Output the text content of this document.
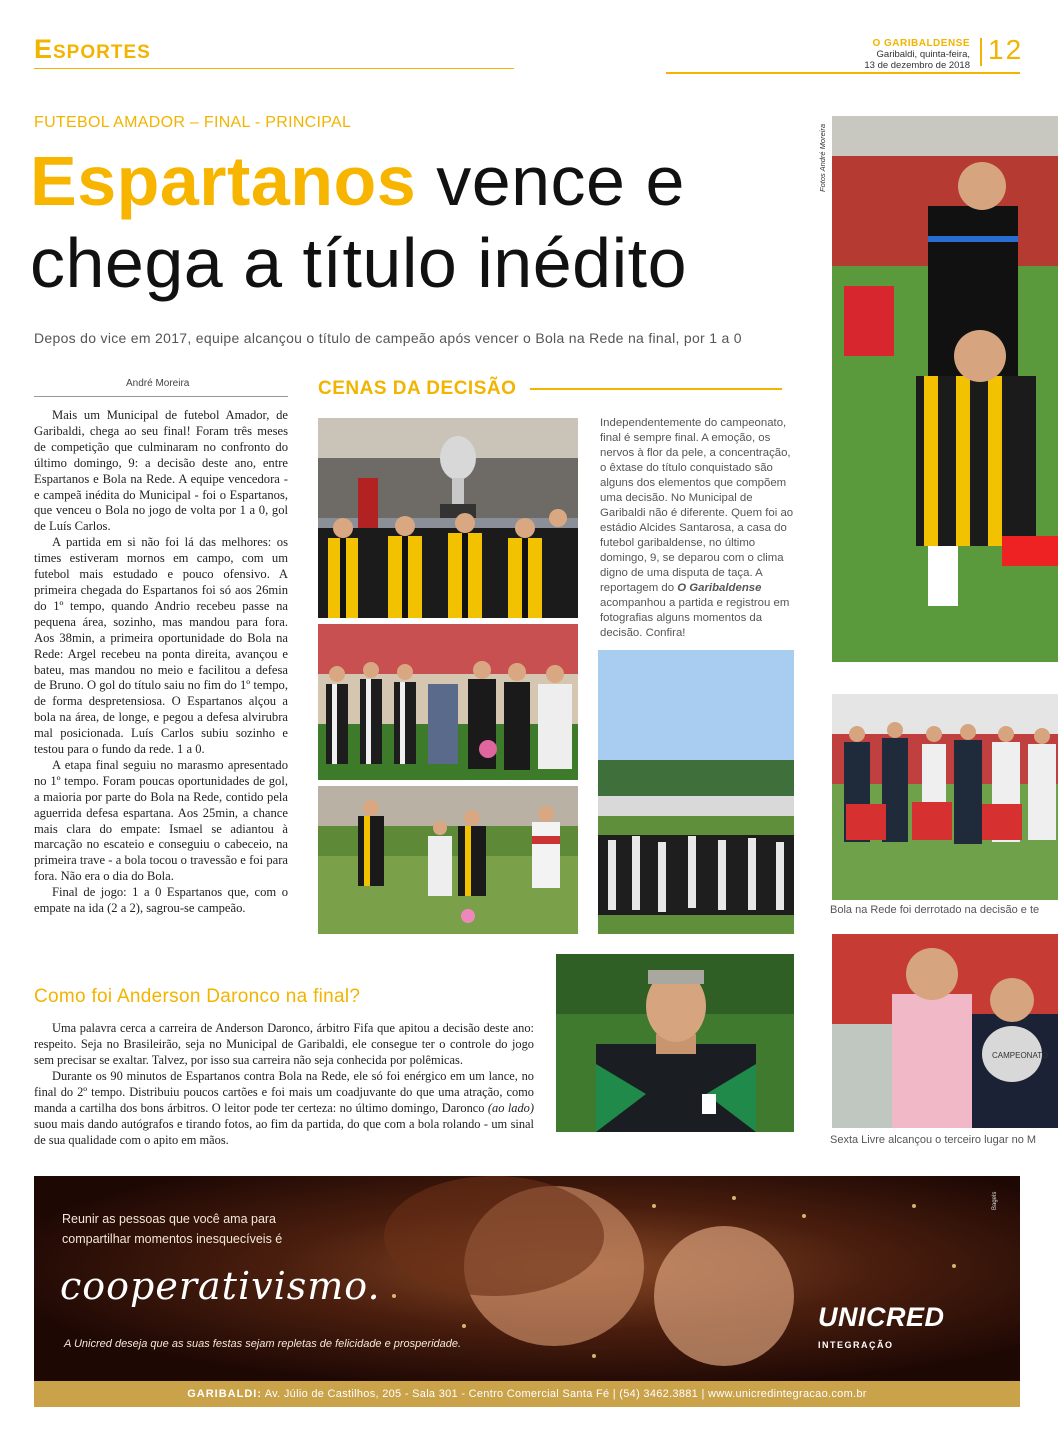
Esportes	O GARIBALDENSE
Garibaldi, quinta-feira,
13 de dezembro de 2018
12
FUTEBOL AMADOR – FINAL - PRINCIPAL
Espartanos vence e
chega a título inédito
Depos do vice em 2017, equipe alcançou o título de campeão após vencer o Bola na Rede na final, por 1 a 0
André Moreira

Mais um Municipal de futebol Amador, de Garibaldi, chega ao seu final! Foram três meses de competição que culminaram no confronto do último domingo, 9: a decisão deste ano, entre Espartanos e Bola na Rede. A equipe vencedora - e campeã inédita do Municipal - foi o Espartanos, que venceu o Bola no jogo de volta por 1 a 0, gol de Luís Carlos.

A partida em si não foi lá das melhores: os times estiveram mornos em campo, com um futebol mais estudado e pouco ofensivo. A primeira chegada do Espartanos foi só aos 26min do 1º tempo, quando Andrio recebeu passe na pequena área, sozinho, mas mandou para fora. Aos 38min, a primeira oportunidade do Bola na Rede: Argel recebeu na ponta direita, avançou e bateu, mas mandou no meio e facilitou a defesa de Bruno. O gol do título saiu no fim do 1º tempo, de forma despretensiosa. O Espartanos alçou a bola na área, de longe, e pegou a defesa alvirubra mal posicionada. Luís Carlos subiu sozinho e testou para o fundo da rede. 1 a 0.

A etapa final seguiu no marasmo apresentado no 1º tempo. Foram poucas oportunidades de gol, a maioria por parte do Bola na Rede, contido pela aguerrida defesa espartana. Aos 25min, a chance mais clara do empate: Ismael se adiantou à marcação no escateio e conseguiu o cabeceio, na primeira trave - a bola tocou o travessão e foi para fora. Não era o dia do Bola.

Final de jogo: 1 a 0 Espartanos que, com o empate na ida (2 a 2), sagrou-se campeão.

CENAS DA DECISÃO
Independentemente do campeonato, final é sempre final. A emoção, os nervos à flor da pele, a concentração, o êxtase do título conquistado são alguns dos elementos que compõem uma decisão. No Municipal de Garibaldi não é diferente. Quem foi ao estádio Alcides Santarosa, a casa do futebol garibaldense, no último domingo, 9, se deparou com o clima digno de uma disputa de taça. A reportagem do O Garibaldense acompanhou a partida e registrou em fotografias alguns momentos da decisão. Confira!
Fotos André Moreira
Bola na Rede foi derrotado na decisão e te
CAMPEONATO
Sexta Livre alcançou o terceiro lugar no M
Como foi Anderson Daronco na final?

Uma palavra cerca a carreira de Anderson Daronco, árbitro Fifa que apitou a decisão deste ano: respeito. Seja no Brasileirão, seja no Municipal de Garibaldi, ele consegue ter o controle do jogo sem precisar se exaltar. Talvez, por isso sua carreira não seja conhecida por polêmicas.

Durante os 90 minutos de Espartanos contra Bola na Rede, ele só foi enérgico em um lance, no final do 2º tempo. Distribuiu poucos cartões e foi mais um coadjuvante do que uma atração, como manda a cartilha dos bons árbitros. O leitor pode ter certeza: no último domingo, Daronco (ao lado) suou mais dando autógrafos e tirando fotos, ao fim da partida, do que com a bola rolando - um sinal de sua qualidade com o apito em mãos.

Reunir as pessoas que você ama para
compartilhar momentos inesquecíveis é
cooperativismo.
A Unicred deseja que as suas festas sejam repletas de felicidade e prosperidade.
UNICRED
INTEGRAÇÃO
Bagels
GARIBALDI: Av. Júlio de Castilhos, 205 - Sala 301 - Centro Comercial Santa Fé | (54) 3462.3881 | www.unicredintegracao.com.br
